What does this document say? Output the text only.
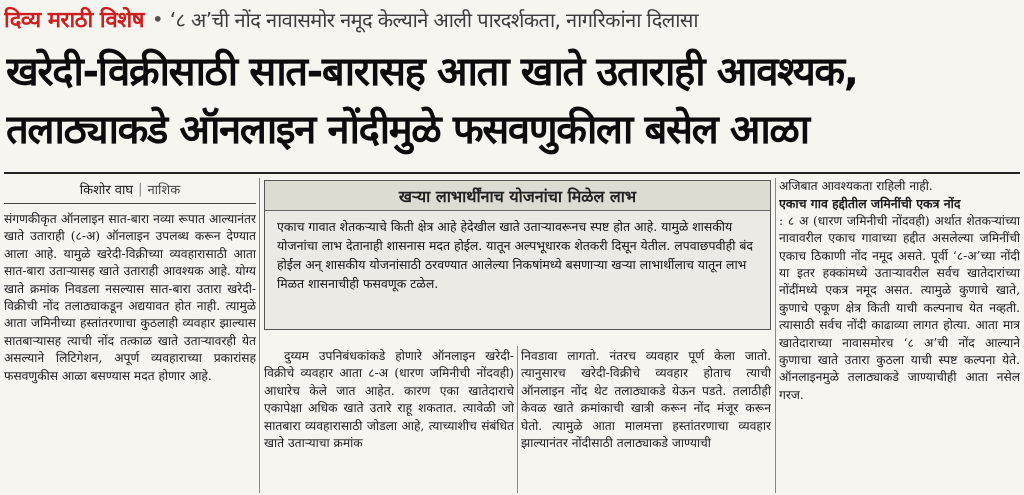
दिव्य मराठी विशेष • ‘८ अ’ची नोंद नावासमोर नमूद केल्याने आली पारदर्शकता, नागरिकांना दिलासा
खरेदी-विक्रीसाठी सात-बारासह आता खाते उताराही आवश्यक,
तलाठ्याकडे ऑनलाइन नोंदीमुळे फसवणुकीला बसेल आळा
किशोर वाघ | नाशिक

संगणकीकृत ऑनलाइन सात-बारा नव्या रूपात आल्यानंतर खाते उताराही (८-अ) ऑनलाइन उपलब्ध करून देण्यात आला आहे. यामुळे खरेदी-विक्रीच्या व्यवहारासाठी आता सात-बारा उताऱ्यासह खाते उताराही आवश्यक आहे. योग्य खाते क्रमांक निवडला नसल्यास सात-बारा उतारा खरेदी-विक्रीची नोंद तलाठ्याकडून अद्ययावत होत नाही. त्यामुळे आता जमिनीच्या हस्तांतरणाचा कुठलाही व्यवहार झाल्यास सातबाऱ्यासह त्याची नोंद तत्काळ खाते उताऱ्यावरही येत असल्याने लिटिगेशन, अपूर्ण व्यवहाराच्या प्रकारांसह फसवणुकीस आळा बसण्यास मदत होणार आहे.

खऱ्या लाभार्थींनाच योजनांचा मिळेल लाभ

एकाच गावात शेतकऱ्याचे किती क्षेत्र आहे हेदेखील खाते उताऱ्यावरूनच स्पष्ट होत आहे. यामुळे शासकीय योजनांचा लाभ देतानाही शासनास मदत होईल. यातून अल्पभूधारक शेतकरी दिसून येतील. लपवाछपवीही बंद होईल अन् शासकीय योजनांसाठी ठरवण्यात आलेल्या निकषांमध्ये बसणाऱ्या खऱ्या लाभार्थीलाच यातून लाभ मिळत शासनाचीही फसवणूक टळेल.

दुय्यम उपनिबंधकांकडे होणारे ऑनलाइन खरेदी-विक्रीचे व्यवहार आता ८-अ (धारण जमिनीची नोंदवही) आधारेच केले जात आहेत. कारण एका खातेदाराचे एकापेक्षा अधिक खाते उतारे राहू शकतात. त्यावेळी जो सातबारा व्यवहारासाठी जोडला आहे, त्याच्याशीच संबंधित खाते उताऱ्याचा क्रमांक

निवडावा लागतो. नंतरच व्यवहार पूर्ण केला जातो. त्यानुसारच खरेदी-विक्रीचे व्यवहार होताच त्याची ऑनलाइन नोंद थेट तलाठ्याकडे येऊन पडते. तलाठीही केवळ खाते क्रमांकाची खात्री करून नोंद मंजूर करून घेतो. त्यामुळे आता मालमत्ता हस्तांतरणाचा व्यवहार झाल्यानंतर नोंदीसाठी तलाठ्याकडे जाण्याची

अजिबात आवश्यकता राहिली नाही.

एकाच गाव हद्दीतील जमिनींची एकत्र नोंद

: ८ अ (धारण जमिनीची नोंदवही) अर्थात शेतकऱ्यांच्या नावावरील एकाच गावाच्या हद्दीत असलेल्या जमिनींची एकाच ठिकाणी नोंद नमूद असते. पूर्वी ‘८-अ’च्या नोंदी या इतर हक्कांमध्ये उताऱ्यावरील सर्वच खातेदारांच्या नोंदींमध्ये एकत्र नमूद असत. त्यामुळे कुणाचे खाते, कुणाचे एकूण क्षेत्र किती याची कल्पनाच येत नव्हती. त्यासाठी सर्वच नोंदी काढाव्या लागत होत्या. आता मात्र खातेदाराच्या नावासमोरच ‘८ अ’ची नोंद आल्याने कुणाचा खाते उतारा कुठला याची स्पष्ट कल्पना येते. ऑनलाइनमुळे तलाठ्याकडे जाण्याचीही आता नसेल गरज.
